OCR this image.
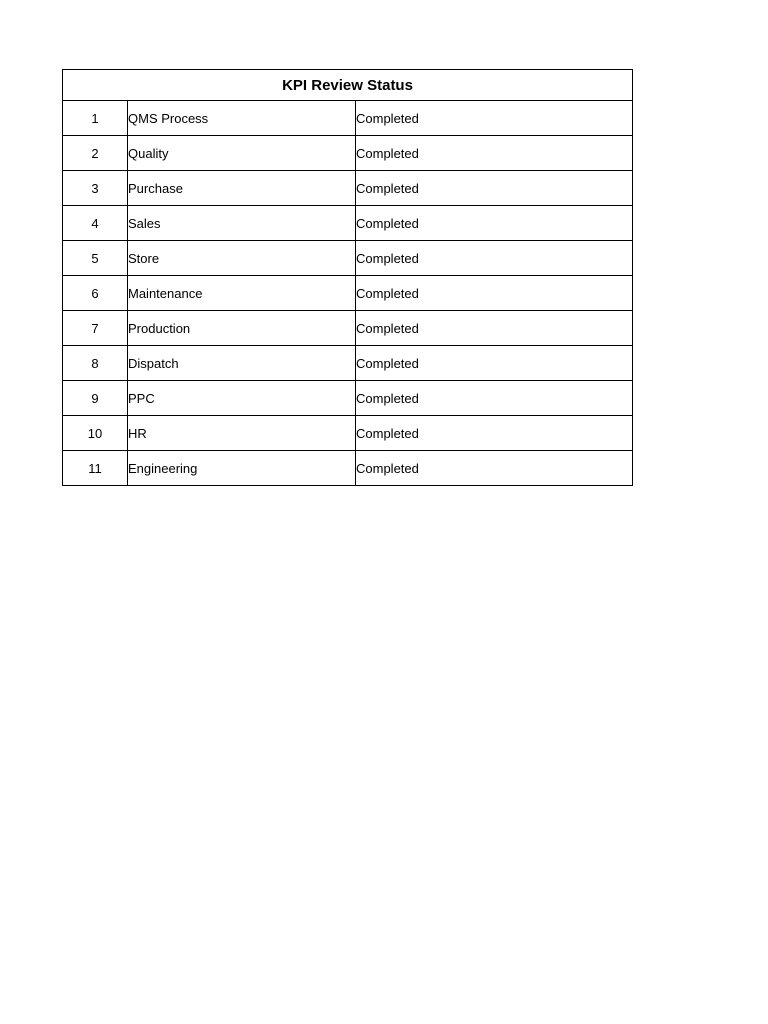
KPI Review Status		
1	QMS Process	Completed
2	Quality	Completed
3	Purchase	Completed
4	Sales	Completed
5	Store	Completed
6	Maintenance	Completed
7	Production	Completed
8	Dispatch	Completed
9	PPC	Completed
10	HR	Completed
11	Engineering	Completed
